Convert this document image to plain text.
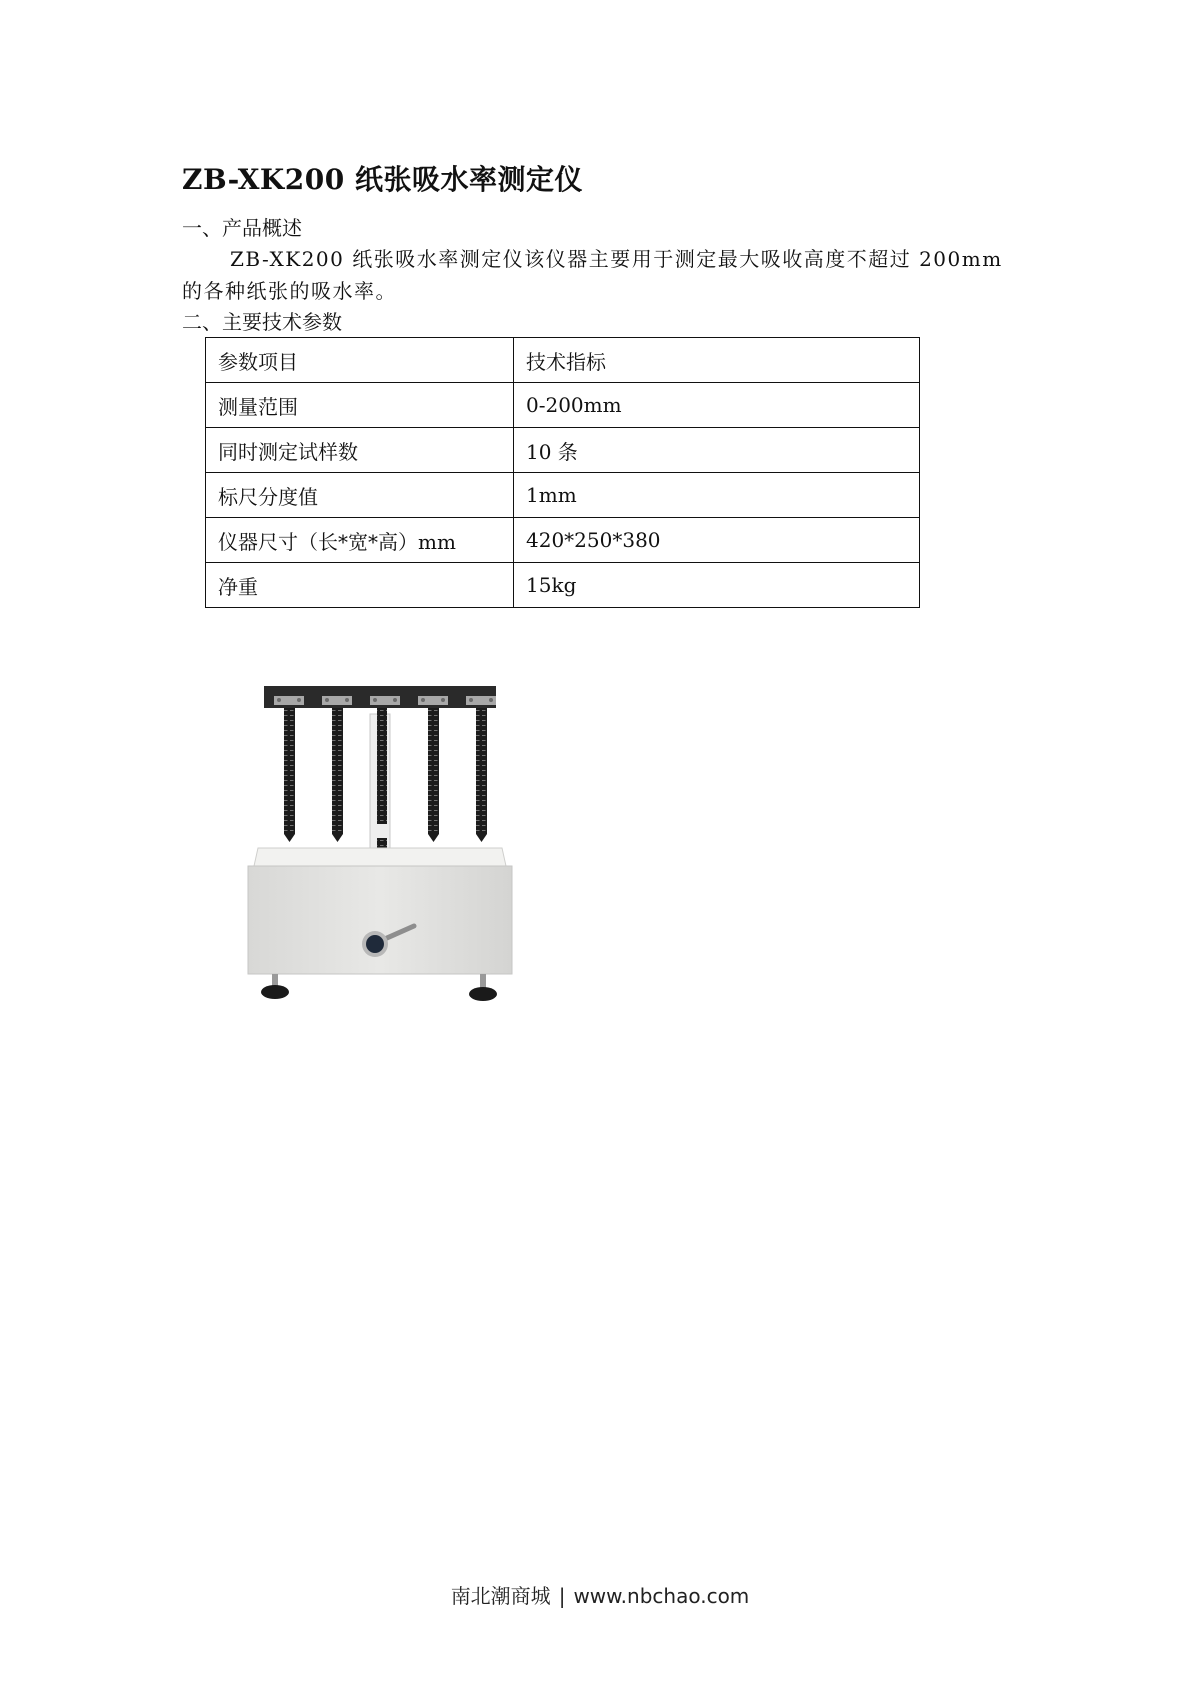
ZB-XK200 纸张吸水率测定仪

一、产品概述

ZB-XK200 纸张吸水率测定仪该仪器主要用于测定最大吸收高度不超过 200mm 的各种纸张的吸水率。

二、主要技术参数

参数项目	技术指标
测量范围	0-200mm
同时测定试样数	10 条
标尺分度值	1mm
仪器尺寸（长*宽*高）mm	420*250*380
净重	15kg
南北潮商城 | www.nbchao.com
